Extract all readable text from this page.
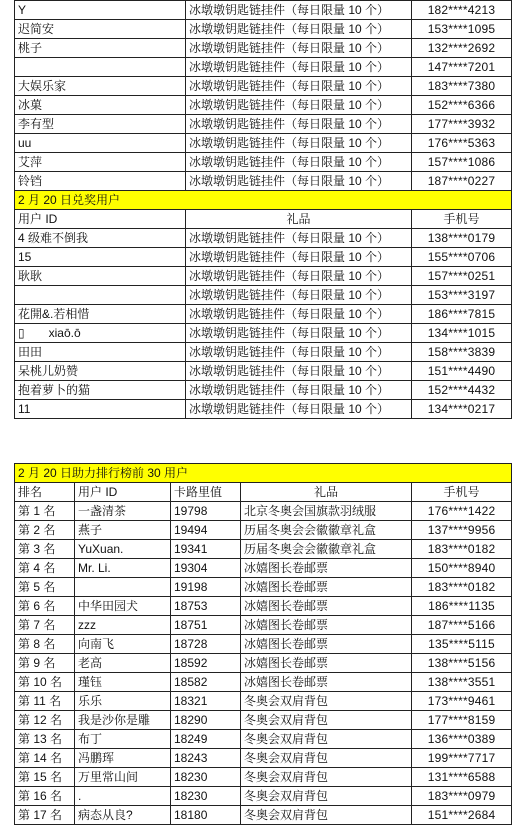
Y	冰墩墩钥匙链挂件（每日限量 10 个）	182****4213
迟简安	冰墩墩钥匙链挂件（每日限量 10 个）	153****1095
桃子	冰墩墩钥匙链挂件（每日限量 10 个）	132****2692
	冰墩墩钥匙链挂件（每日限量 10 个）	147****7201
大娱乐家	冰墩墩钥匙链挂件（每日限量 10 个）	183****7380
冰菓	冰墩墩钥匙链挂件（每日限量 10 个）	152****6366
李有型	冰墩墩钥匙链挂件（每日限量 10 个）	177****3932
uu	冰墩墩钥匙链挂件（每日限量 10 个）	176****5363
艾萍	冰墩墩钥匙链挂件（每日限量 10 个）	157****1086
铃铛	冰墩墩钥匙链挂件（每日限量 10 个）	187****0227
2 月 20 日兑奖用户		
用户 ID	礼品	手机号
4 级难不倒我	冰墩墩钥匙链挂件（每日限量 10 个）	138****0179
15	冰墩墩钥匙链挂件（每日限量 10 个）	155****0706
耿耿	冰墩墩钥匙链挂件（每日限量 10 个）	157****0251
	冰墩墩钥匙链挂件（每日限量 10 个）	153****3197
花開&.若相惜	冰墩墩钥匙链挂件（每日限量 10 个）	186****7815
▯　　xiaō.ō	冰墩墩钥匙链挂件（每日限量 10 个）	134****1015
田田	冰墩墩钥匙链挂件（每日限量 10 个）	158****3839
呆桃儿奶赞	冰墩墩钥匙链挂件（每日限量 10 个）	151****4490
抱着萝卜的猫	冰墩墩钥匙链挂件（每日限量 10 个）	152****4432
11	冰墩墩钥匙链挂件（每日限量 10 个）	134****0217
2 月 20 日助力排行榜前 30 用户				
排名	用户 ID	卡路里值	礼品	手机号
第 1 名	一盏清茶	19798	北京冬奥会国旗款羽绒服	176****1422
第 2 名	燕子	19494	历届冬奥会会徽徽章礼盒	137****9956
第 3 名	YuXuan.	19341	历届冬奥会会徽徽章礼盒	183****0182
第 4 名	Mr. Li.	19304	冰嬉图长卷邮票	150****8940
第 5 名		19198	冰嬉图长卷邮票	183****0182
第 6 名	中华田园犬	18753	冰嬉图长卷邮票	186****1135
第 7 名	zzz	18751	冰嬉图长卷邮票	187****5166
第 8 名	向南飞	18728	冰嬉图长卷邮票	135****5115
第 9 名	老高	18592	冰嬉图长卷邮票	138****5156
第 10 名	瑾钰	18582	冰嬉图长卷邮票	138****3551
第 11 名	乐乐	18321	冬奥会双肩背包	173****9461
第 12 名	我是沙你是雕	18290	冬奥会双肩背包	177****8159
第 13 名	布丁	18249	冬奥会双肩背包	136****0389
第 14 名	冯鹏珲	18243	冬奥会双肩背包	199****7717
第 15 名	万里常山间	18230	冬奥会双肩背包	131****6588
第 16 名	.	18230	冬奥会双肩背包	183****0979
第 17 名	病态从良?	18180	冬奥会双肩背包	151****2684
